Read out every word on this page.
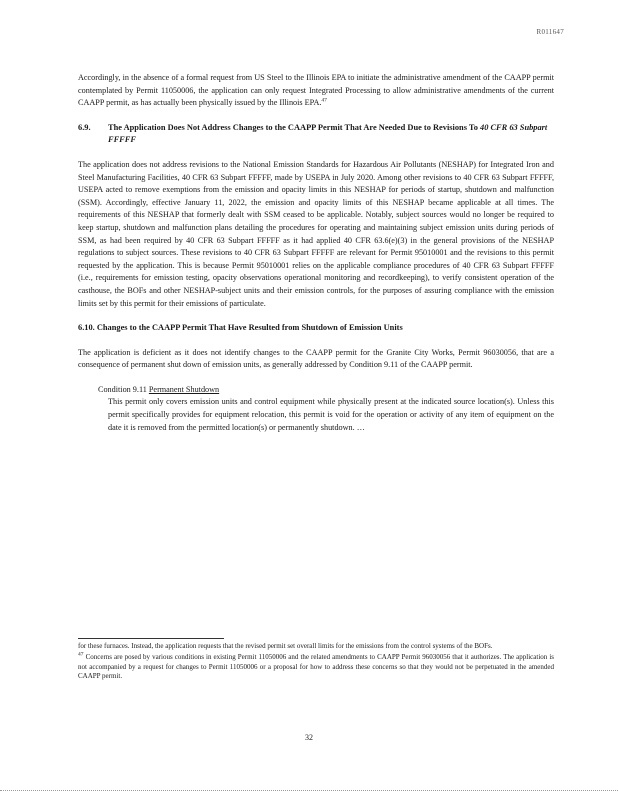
R011647

Accordingly, in the absence of a formal request from US Steel to the Illinois EPA to initiate the administrative amendment of the CAAPP permit contemplated by Permit 11050006, the application can only request Integrated Processing to allow administrative amendments of the current CAAPP permit, as has actually been physically issued by the Illinois EPA.$^{47}$

6.9. The Application Does Not Address Changes to the CAAPP Permit That Are Needed Due to Revisions To 40 CFR 63 Subpart FFFFF

The application does not address revisions to the National Emission Standards for Hazardous Air Pollutants (NESHAP) for Integrated Iron and Steel Manufacturing Facilities, 40 CFR 63 Subpart FFFFF, made by USEPA in July 2020. Among other revisions to 40 CFR 63 Subpart FFFFF, USEPA acted to remove exemptions from the emission and opacity limits in this NESHAP for periods of startup, shutdown and malfunction (SSM). Accordingly, effective January 11, 2022, the emission and opacity limits of this NESHAP became applicable at all times. The requirements of this NESHAP that formerly dealt with SSM ceased to be applicable. Notably, subject sources would no longer be required to keep startup, shutdown and malfunction plans detailing the procedures for operating and maintaining subject emission units during periods of SSM, as had been required by 40 CFR 63 Subpart FFFFF as it had applied 40 CFR 63.6(e)(3) in the general provisions of the NESHAP regulations to subject sources. These revisions to 40 CFR 63 Subpart FFFFF are relevant for Permit 95010001 and the revisions to this permit requested by the application. This is because Permit 95010001 relies on the applicable compliance procedures of 40 CFR 63 Subpart FFFFF (i.e., requirements for emission testing, opacity observations operational monitoring and recordkeeping), to verify consistent operation of the casthouse, the BOFs and other NESHAP-subject units and their emission controls, for the purposes of assuring compliance with the emission limits set by this permit for their emissions of particulate.

6.10. Changes to the CAAPP Permit That Have Resulted from Shutdown of Emission Units

The application is deficient as it does not identify changes to the CAAPP permit for the Granite City Works, Permit 96030056, that are a consequence of permanent shut down of emission units, as generally addressed by Condition 9.11 of the CAAPP permit.

Condition 9.11 Permanent Shutdown

This permit only covers emission units and control equipment while physically present at the indicated source location(s). Unless this permit specifically provides for equipment relocation, this permit is void for the operation or activity of any item of equipment on the date it is removed from the permitted location(s) or permanently shutdown. …

for these furnaces. Instead, the application requests that the revised permit set overall limits for the emissions from the control systems of the BOFs.

$^{47}$ Concerns are posed by various conditions in existing Permit 11050006 and the related amendments to CAAPP Permit 96030056 that it authorizes. The application is not accompanied by a request for changes to Permit 11050006 or a proposal for how to address these concerns so that they would not be perpetuated in the amended CAAPP permit.

32
